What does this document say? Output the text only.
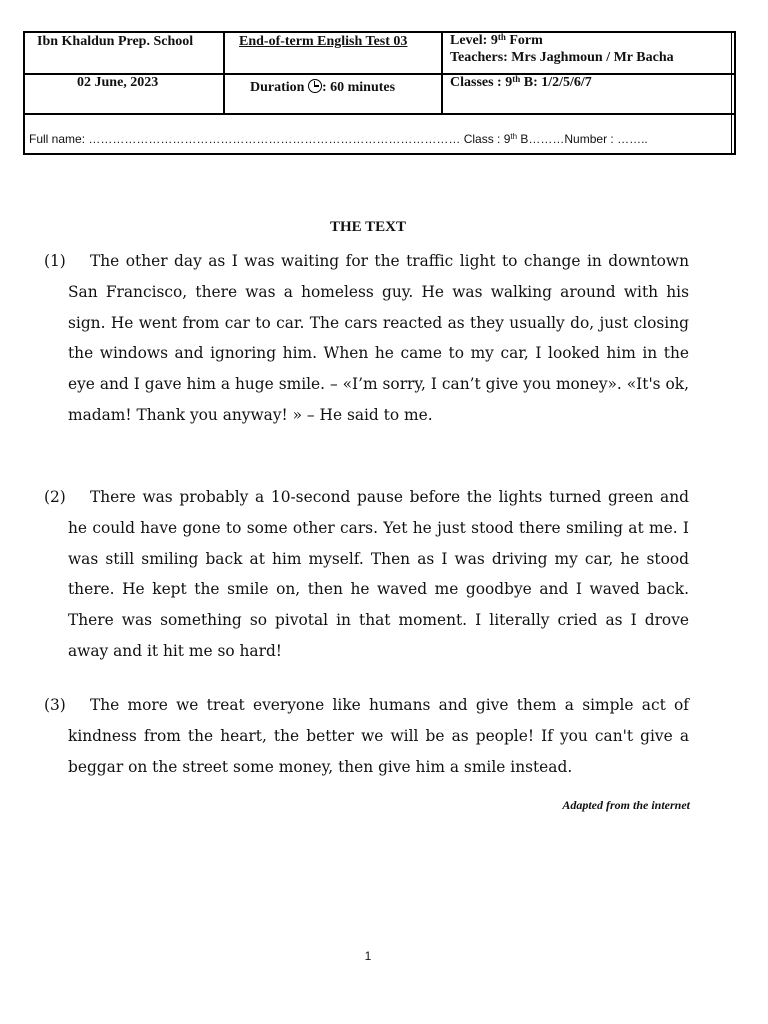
Ibn Khaldun Prep. School	End-of-term English Test 03	Level: 9th Form
Teachers: Mrs Jaghmoun / Mr Bacha
02 June, 2023	Duration : 60 minutes	Classes : 9th B: 1/2/5/6/7
Full name: ………………………………………………………………………………… Class : 9th B………Number : ……..
THE TEXT
(1)	The other day as I was waiting for the traffic light to change in downtown San Francisco, there was a homeless guy. He was walking around with his sign. He went from car to car. The cars reacted as they usually do, just closing the windows and ignoring him. When he came to my car, I looked him in the eye and I gave him a huge smile. – «I’m sorry, I can’t give you money». «It's ok, madam! Thank you anyway! » – He said to me.
(2)	There was probably a 10-second pause before the lights turned green and he could have gone to some other cars. Yet he just stood there smiling at me. I was still smiling back at him myself. Then as I was driving my car, he stood there. He kept the smile on, then he waved me goodbye and I waved back. There was something so pivotal in that moment. I literally cried as I drove away and it hit me so hard!
(3)	The more we treat everyone like humans and give them a simple act of kindness from the heart, the better we will be as people! If you can't give a beggar on the street some money, then give him a smile instead.
Adapted from the internet
1
